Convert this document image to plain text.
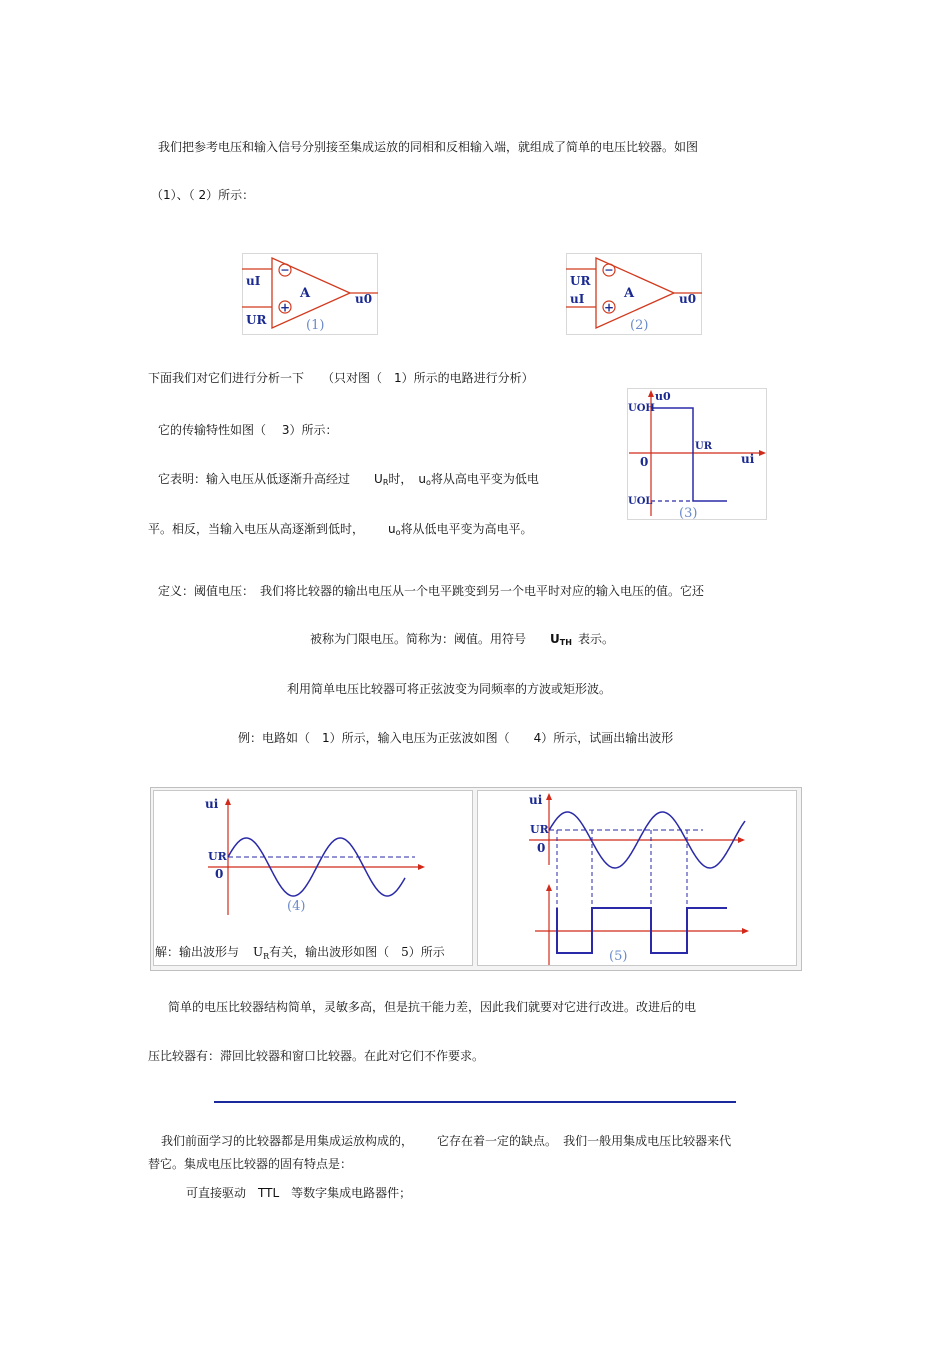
我们把参考电压和输入信号分别接至集成运放的同相和反相输入端，就组成了简单的电压比较器。如图
（1）、（ 2）所示：
−
+
uI
UR
A	u0
(1)
−
+
UR
uI	A	u0
(2)
下面我们对它们进行分析一下　　（只对图（　1）所示的电路进行分析）
它的传输特性如图（　 3）所示：
它表明：输入电压从低逐渐升高经过　　 $U_R$时，  $u_o$将从高电平变为低电
平。相反，当输入电压从高逐渐到低时，　　 	$u_o$将从低电平变为高电平。
u0
UOH
UR
0	ui
UOL
(3)
定义：阈值电压：　 我们将比较器的输出电压从一个电平跳变到另一个电平时对应的输入电压的值。它还
被称为门限电压。简称为：阈值。用符号　　 $U_{TH}$  表示。
利用简单电压比较器可将正弦波变为同频率的方波或矩形波。
例：电路如（　1）所示，输入电压为正弦波如图（　　4）所示，试画出输出波形
ui
UR
0
(4)
解：输出波形与 $U_R$有关，输出波形如图（　5）所示
ui
UR
0
(5)
简单的电压比较器结构简单，灵敏多高，但是抗干能力差，因此我们就要对它进行改进。改进后的电
压比较器有：滞回比较器和窗口比较器。在此对它们不作要求。
我们前面学习的比较器都是用集成运放构成的，　　 	它存在着一定的缺点。　 我们一般用集成电压比较器来代
替它。集成电压比较器的固有特点是：
可直接驱动　TTL　等数字集成电路器件；
